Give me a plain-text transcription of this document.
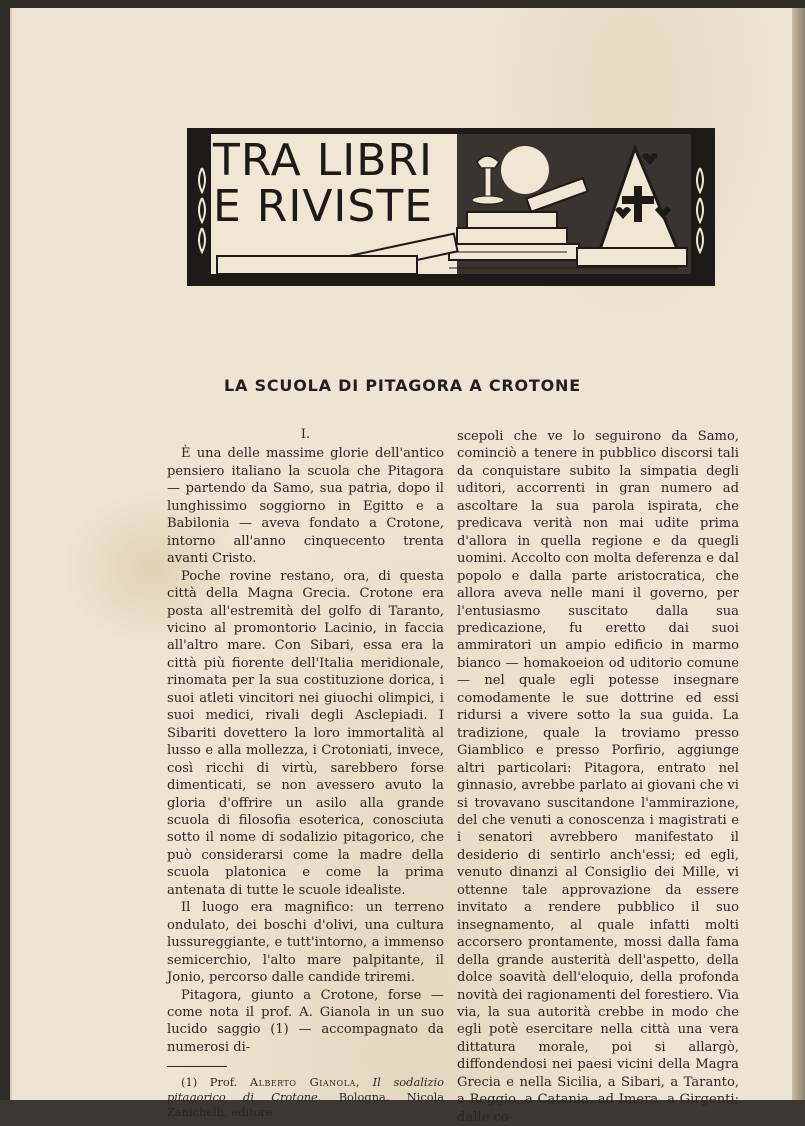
TRA LIBRI
E RIVISTE
LA SCUOLA DI PITAGORA A CROTONE
I.

È una delle massime glorie dell'antico pensiero italiano la scuola che Pitagora — partendo da Samo, sua patria, dopo il lunghissimo soggiorno in Egitto e a Babilonia — aveva fondato a Crotone, intorno all'anno cinquecento trenta avanti Cristo.

Poche rovine restano, ora, di questa città della Magna Grecia. Crotone era posta all'estremità del golfo di Taranto, vicino al promontorio Lacinio, in faccia all'altro mare. Con Sibari, essa era la città più fiorente dell'Italia meridionale, rinomata per la sua costituzione dorica, i suoi atleti vincitori nei giuochi olimpici, i suoi medici, rivali degli Asclepiadi. I Sibariti dovettero la loro immortalità al lusso e alla mollezza, i Crotoniati, invece, così ricchi di virtù, sarebbero forse dimenticati, se non avessero avuto la gloria d'offrire un asilo alla grande scuola di filosofia esoterica, conosciuta sotto il nome di sodalizio pitagorico, che può considerarsi come la madre della scuola platonica e come la prima antenata di tutte le scuole idealiste.

Il luogo era magnifico: un terreno ondulato, dei boschi d'olivi, una cultura lussureggiante, e tutt'intorno, a immenso semicerchio, l'alto mare palpitante, il Jonio, percorso dalle candide triremi.

Pitagora, giunto a Crotone, forse — come nota il prof. A. Gianola in un suo lucido saggio (1) — accompagnato da numerosi di-

(1) Prof. Alberto Gianola, Il sodalizio pitagorico di Crotone. Bologna, Nicola Zanichelli, editore.

scepoli che ve lo seguirono da Samo, cominciò a tenere in pubblico discorsi tali da conquistare subito la simpatia degli uditori, accorrenti in gran numero ad ascoltare la sua parola ispirata, che predicava verità non mai udite prima d'allora in quella regione e da quegli uomini. Accolto con molta deferenza e dal popolo e dalla parte aristocratica, che allora aveva nelle mani il governo, per l'entusiasmo suscitato dalla sua predicazione, fu eretto dai suoi ammiratori un ampio edificio in marmo bianco — homakoeion od uditorio comune — nel quale egli potesse insegnare comodamente le sue dottrine ed essi ridursi a vivere sotto la sua guida. La tradizione, quale la troviamo presso Giamblico e presso Porfirio, aggiunge altri particolari: Pitagora, entrato nel ginnasio, avrebbe parlato ai giovani che vi si trovavano suscitandone l'ammirazione, del che venuti a conoscenza i magistrati e i senatori avrebbero manifestato il desiderio di sentirlo anch'essi; ed egli, venuto dinanzi al Consiglio dei Mille, vi ottenne tale approvazione da essere invitato a rendere pubblico il suo insegnamento, al quale infatti molti accorsero prontamente, mossi dalla fama della grande austerità dell'aspetto, della dolce soavità dell'eloquio, della profonda novità dei ragionamenti del forestiero. Via via, la sua autorità crebbe in modo che egli potè esercitare nella città una vera dittatura morale, poi si allargò, diffondendosi nei paesi vicini della Magra Grecia e nella Sicilia, a Sibari, a Taranto, a Reggio, a Catania, ad Imera, a Girgenti; dalle co-
